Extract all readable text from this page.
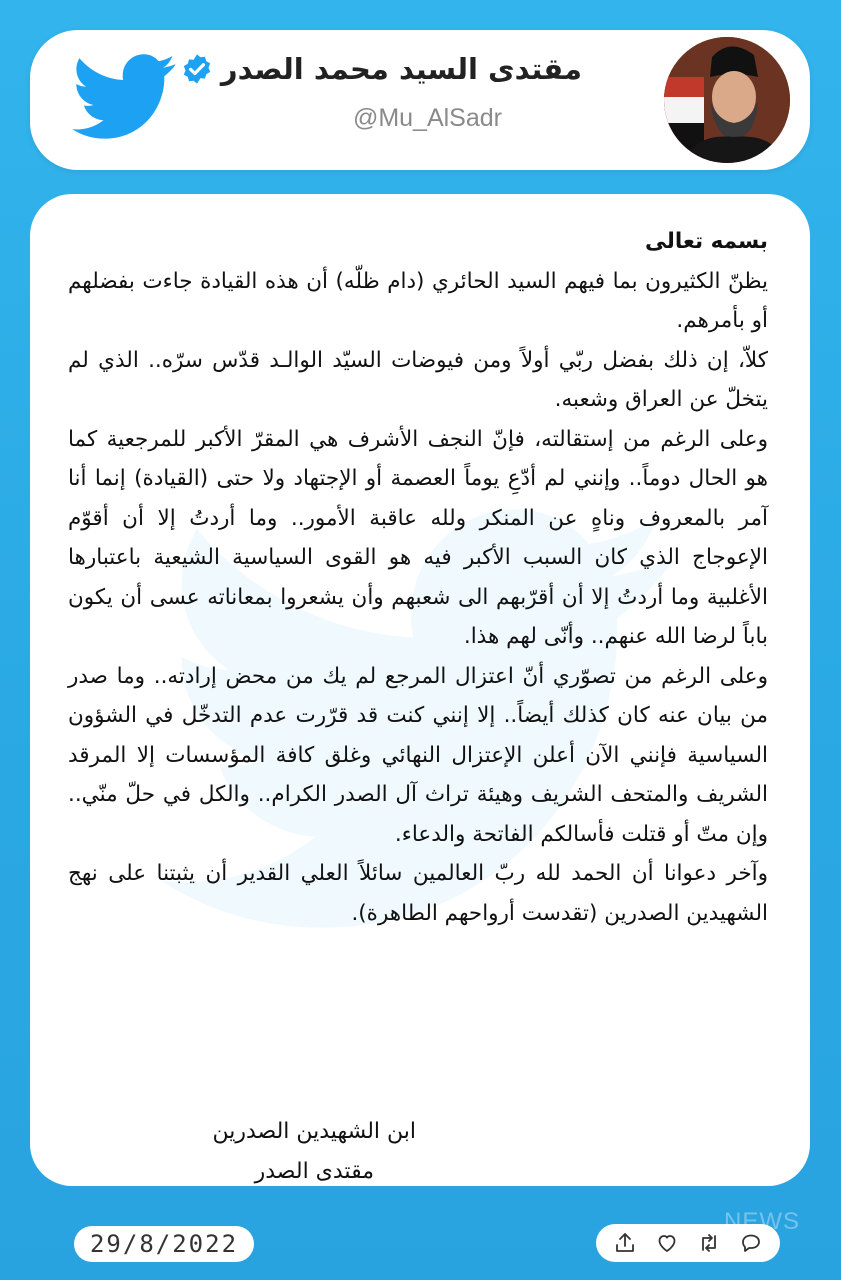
مقتدى السيد محمد الصدر
@Mu_AlSadr

بسمه تعالى

يظنّ الكثيرون بما فيهم السيد الحائري (دام ظلّه) أن هذه القيادة جاءت بفضلهم أو بأمرهم.

كلاّ، إن ذلك بفضل ربّي أولاً ومن فيوضات السيّد الوالـد قدّس سرّه.. الذي لم يتخلّ عن العراق وشعبه.

وعلى الرغم من إستقالته، فإنّ النجف الأشرف هي المقرّ الأكبر للمرجعية كما هو الحال دوماً.. وإنني لم أدّعِ يوماً العصمة أو الإجتهاد ولا حتى (القيادة) إنما أنا آمر بالمعروف وناهٍ عن المنكر ولله عاقبة الأمور.. وما أردتُ إلا أن أقوّم الإعوجاج الذي كان السبب الأكبر فيه هو القوى السياسية الشيعية باعتبارها الأغلبية وما أردتُ إلا أن أقرّبهم الى شعبهم وأن يشعروا بمعاناته عسى أن يكون باباً لرضا الله عنهم.. وأنّى لهم هذا.

وعلى الرغم من تصوّري أنّ اعتزال المرجع لم يك من محض إرادته.. وما صدر من بيان عنه كان كذلك أيضاً.. إلا إنني كنت قد قرّرت عدم التدخّل في الشؤون السياسية فإنني الآن أعلن الإعتزال النهائي وغلق كافة المؤسسات إلا المرقد الشريف والمتحف الشريف وهيئة تراث آل الصدر الكرام.. والكل في حلّ منّي.. وإن متّ أو قتلت فأسالكم الفاتحة والدعاء.

وآخر دعوانا أن الحمد لله ربّ العالمين سائلاً العلي القدير أن يثبتنا على نهج الشهيدين الصدرين (تقدست أرواحهم الطاهرة).

ابن الشهيدين الصدرين

مقتدى الصدر

29/8/2022
NEWS
